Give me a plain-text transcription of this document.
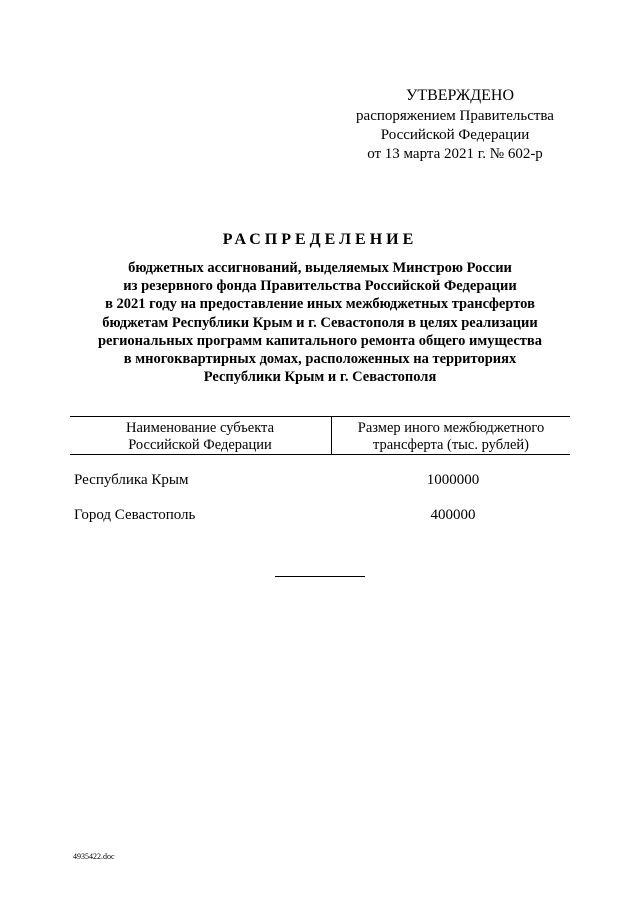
УТВЕРЖДЕНО
распоряжением Правительства
Российской Федерации
от 13 марта 2021 г. № 602-р
РАСПРЕДЕЛЕНИЕ
бюджетных ассигнований, выделяемых Минстрою России
из резервного фонда Правительства Российской Федерации
в 2021 году на предоставление иных межбюджетных трансфертов
бюджетам Республики Крым и г. Севастополя в целях реализации
региональных программ капитального ремонта общего имущества
в многоквартирных домах, расположенных на территориях
Республики Крым и г. Севастополя
Наименование субъекта
Российской Федерации
Размер иного межбюджетного
трансферта (тыс. рублей)
Республика Крым	1000000
Город Севастополь	400000
4935422.doc
